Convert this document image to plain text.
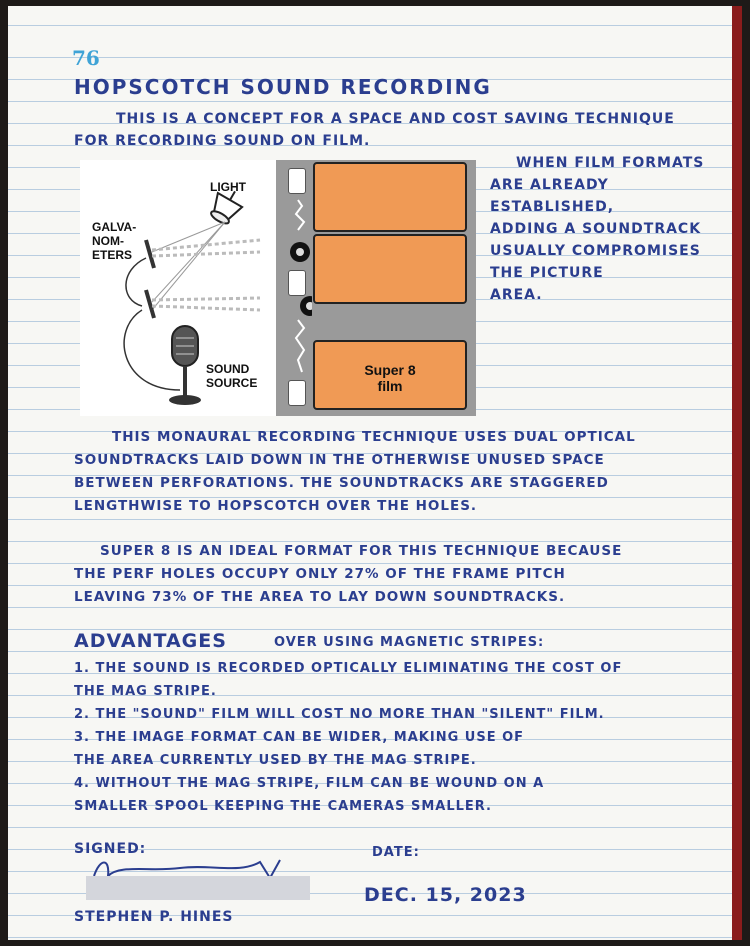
76
HOPSCOTCH SOUND RECORDING
THIS IS A CONCEPT FOR A SPACE AND COST SAVING TECHNIQUE
FOR RECORDING SOUND ON FILM.
LIGHT
GALVA-
NOM-
ETERS
SOUND
SOURCE
Super 8
film
WHEN FILM FORMATS
ARE ALREADY
ESTABLISHED,
ADDING A SOUNDTRACK
USUALLY COMPROMISES
THE PICTURE
AREA.
THIS MONAURAL RECORDING TECHNIQUE USES DUAL OPTICAL
SOUNDTRACKS LAID DOWN IN THE OTHERWISE UNUSED SPACE
BETWEEN PERFORATIONS. THE SOUNDTRACKS ARE STAGGERED
LENGTHWISE TO HOPSCOTCH OVER THE HOLES.
SUPER 8 IS AN IDEAL FORMAT FOR THIS TECHNIQUE BECAUSE
THE PERF HOLES OCCUPY ONLY 27% OF THE FRAME PITCH
LEAVING 73% OF THE AREA TO LAY DOWN SOUNDTRACKS.
ADVANTAGES	OVER USING MAGNETIC STRIPES:
1. THE SOUND IS RECORDED OPTICALLY ELIMINATING THE COST OF
THE MAG STRIPE.
2. THE "SOUND" FILM WILL COST NO MORE THAN "SILENT" FILM.
3. THE IMAGE FORMAT CAN BE WIDER, MAKING USE OF
THE AREA CURRENTLY USED BY THE MAG STRIPE.
4. WITHOUT THE MAG STRIPE, FILM CAN BE WOUND ON A
SMALLER SPOOL KEEPING THE CAMERAS SMALLER.
SIGNED:
STEPHEN P. HINES
DATE:
DEC. 15, 2023
